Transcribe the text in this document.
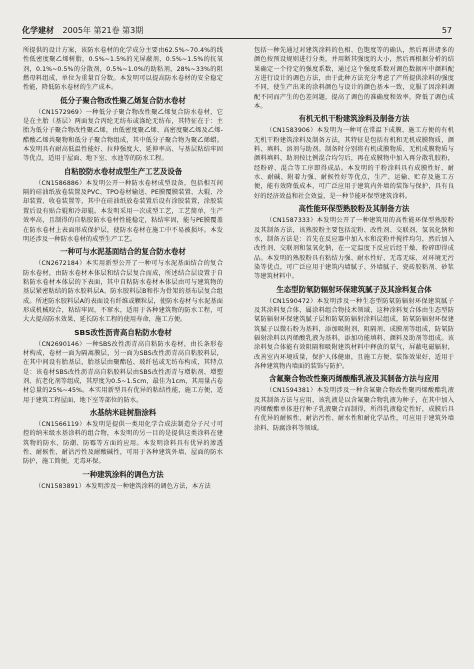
化学建材 2005年 第21卷 第3期	57

所提供的设计方案，该防水卷材的化学成分主要由62.5%~70.4%的线性低密度聚乙烯树脂，0.5%~1.5%的光屏蔽剂，0.5%~1.5%的抗氧剂，0.1%~0.5%的分散剂，0.5%~1.0%的助粘剂，28%~33%的阻燃母料组成，单位为重量百分数。本发明可以提高防水卷材的安全稳定性能，降低防水卷材的生产成本。

低分子聚合物改性聚乙烯复合防水卷材

（CN1572969）一种低分子聚合物改性聚乙烯复合防水卷材，它是在主胎（基层）两面复合丙纶无纺布或涤纶无纺布，其特征在于：主胎为低分子聚合物改性聚乙烯，由低密度聚乙烯、高密度聚乙烯及乙烯-醋酸乙烯共聚物和低分子聚合物组成，其中低分子聚合物为聚乙烯蜡。本发明具有耐高低温性能好、拉伸强度大、延伸率高、与基层粘结牢固等优点，适用于屋面、地下室、水池等的防水工程。

自粘胶防水卷材成型生产工艺及设备

（CN1586886）本发明公开一种防水卷材成型设备，包括相互间隔的硅油纸放卷装置及PVC、TPO卷材输送、PE膜覆膜装置、大辊、冷却装置、收卷装置等，其中在硅油纸放卷装置后设有涂胶装置，涂胶装置后设有贴合辊和冷却辊。本发明采用一次成型工艺，工艺简单，生产效率高，且制得的自粘胶防水卷材性能稳定，粘结牢固，能与PE膜覆盖在防水卷材上表面形成保护层，使防水卷材在施工中不易被损坏。本发明还涉及一种防水卷材的成型生产工艺。

一种可与水泥基面结合的复合防水卷材

（CN2672184）本实用新型公开了一种可与水泥基面结合的复合防水卷材，由防水卷材本体层和结合层复合而成，所述结合层设置于自粘防水卷材本体层的下表面，其中自粘防水卷材本体层由可与建筑物的基层紧密粘结的防水胶料层A、防水胶料层B和作为骨架的基布层复合组成。所述防水胶料层A的表面设有纤维或颗粒层，使防水卷材与水泥基面形成机械咬合，粘结牢固，不窜水，适用于各种建筑物的防水工程，可大大提高防水效果，延长防水工程的使用寿命，施工方便。

SBS改性沥青高自粘防水卷材

（CN2690146）一种SBS改性沥青高自粘防水卷材，由长条形卷材构成，卷材一面为隔离膜层，另一面为SBS改性沥青高自粘胶料层，在其中间设有胎基层，胎基层由聚酯毡、玻纤毡或无纺布构成，其特点是：该卷材SBS改性沥青高自粘胶料层由SBS改性沥青与增粘剂、增塑剂、抗老化剂等组成，其厚度为0.5~1.5cm，最佳为1cm，其用量占卷材总量的25%~45%。本实用新型具有优异的粘结性能，施工方便，适用于建筑工程屋面、地下室等部位的防水。

水基纳米硅树脂涂料

（CN1566119）本发明是提供一类用化学合成法制造分子尺寸可控的纳米级水基涂料的组合物，本发明的另一目的是提供这类涂料在建筑物的防水、防潮、防霉等方面的应用。本发明涂料具有优异的渗透性、耐候性、耐沾污性及耐酸碱性，可用于各种建筑外墙、屋面的防水防护，施工简便，无毒环保。

一种建筑涂料的调色方法

（CN1583891）本发明涉及一种建筑涂料的调色方法，本方法

包括一种先通过对建筑涂料的色相、色饱度等的确认，然后再讲诸多的颜色按预设规则进行分类，并用断其强度的大小，然后再根据分析的结果确定一个待定的强度系数，通过这个强度系数对调色数据库中颜料配方进行设计的调色方法，由于此种方法充分考虑了产所提供涂料的强度不同，使生产出来的涂料颜色与设计的颜色基本一致，克服了因涂料调配不同而产生的色差问题，提高了调色的准确度和效率，降低了调色成本。

有机无机干粉建筑涂料及制备方法

（CN1583906）本发明为一种可在常温下成膜、施工方便的有机无机干粉建筑涂料及制备方法，其特征是包括有机和无机成膜物质、颜料、填料、溶剂与助剂。制备时分别将有机成膜物质、无机成膜物质与颜料填料、助剂按比例混合均匀后，再在成膜物中加入再分散乳胶粉，经粉碎、混合等工序即得成品。本发明的干粉涂料具有成膜性好、耐水、耐碱、附着力强、耐候性好等优点，生产、运输、贮存及施工方便，能有效降低成本，可广泛应用于建筑内外墙的装饰与保护，具有良好的经济效益和社会效益，是一种节能环保型建筑涂料。

高性能环保型熟胶粉及其制备方法

（CN1587333）本发明公开了一种建筑用的高性能环保型熟胶粉及其制备方法，该熟胶粉主要包括淀粉、改性剂、交联剂、氢氧化钠和水，制备方法是：首先在反应器中加入水和淀粉并搅拌均匀，然后加入改性剂、交联剂和氢氧化钠，在一定温度下反应后经干燥、粉碎即得成品。本发明的熟胶粉具有粘结力强、耐水性好、无毒无味、对环境无污染等优点，可广泛应用于建筑内墙腻子、外墙腻子、瓷砖胶粘剂、砂浆等建筑材料中。

生态型防氡防辐射环保建筑腻子及其涂料复合体

（CN1590472）本发明涉及一种生态型防氡防辐射环保建筑腻子及其涂料复合体，属涂料组合物技术领域，这种涂料复合体由生态型防氡防辐射环保建筑腻子层和防氡防辐射涂料层组成，防氡防辐射环保建筑腻子以微石粉为基料，添加吸附剂、阻隔剂、成膜剂等组成，防氡防辐射涂料以丙烯酸乳液为基料，添加功能填料、颜料及助剂等组成。该涂料复合体能有效阻隔和吸附建筑材料中释放的氡气，屏蔽电磁辐射，改善室内环境质量，保护人体健康，且施工方便、装饰效果好，适用于各种建筑物内墙面的装饰与防护。

含氟聚合物改性聚丙烯酸酯乳液及其制备方法与应用

（CN1594381）本发明涉及一种含氟聚合物改性聚丙烯酸酯乳液及其制备方法与应用，该乳液是以含氟聚合物乳液为种子，在其中加入丙烯酸酯单体进行种子乳液聚合而制得，所得乳液稳定性好，成膜后具有优异的耐候性、耐沾污性、耐水性和耐化学品性，可应用于建筑外墙涂料、防腐涂料等领域。
